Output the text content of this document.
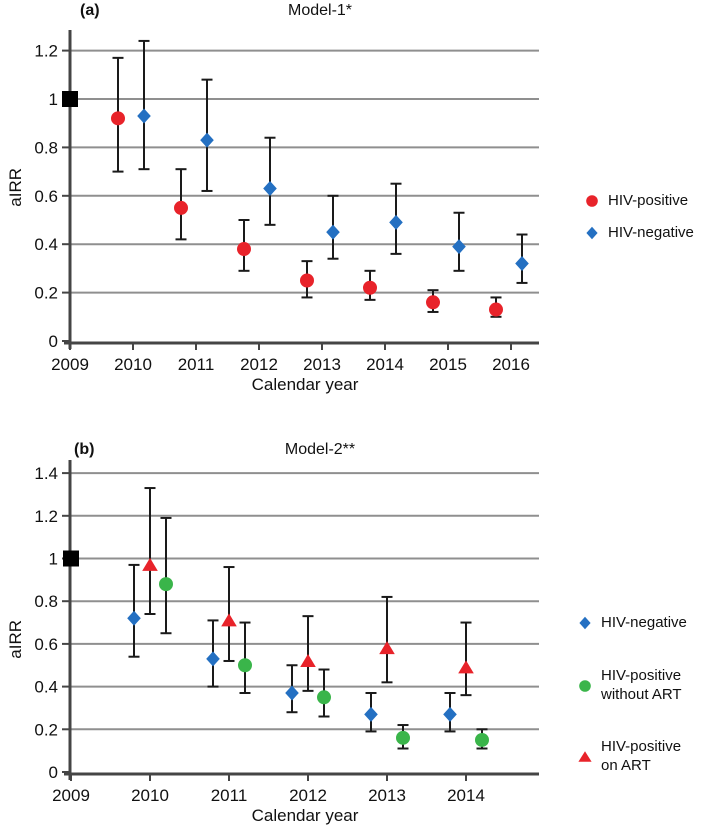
0
0.2
0.4
0.6
0.8
1
1.2
2009 2010 2011 2012 2013 2014 2015 2016
0
0.2
0.4
0.6
0.8
1
1.2
1.4
2009 2010 2011 2012 2013 2014
(a)	Model-1*
aIRR
Calendar year
HIV-positive
HIV-negative
(b)	Model-2**
aIRR
Calendar year
HIV-negative
HIV-positive
without ART
HIV-positive
on ART
